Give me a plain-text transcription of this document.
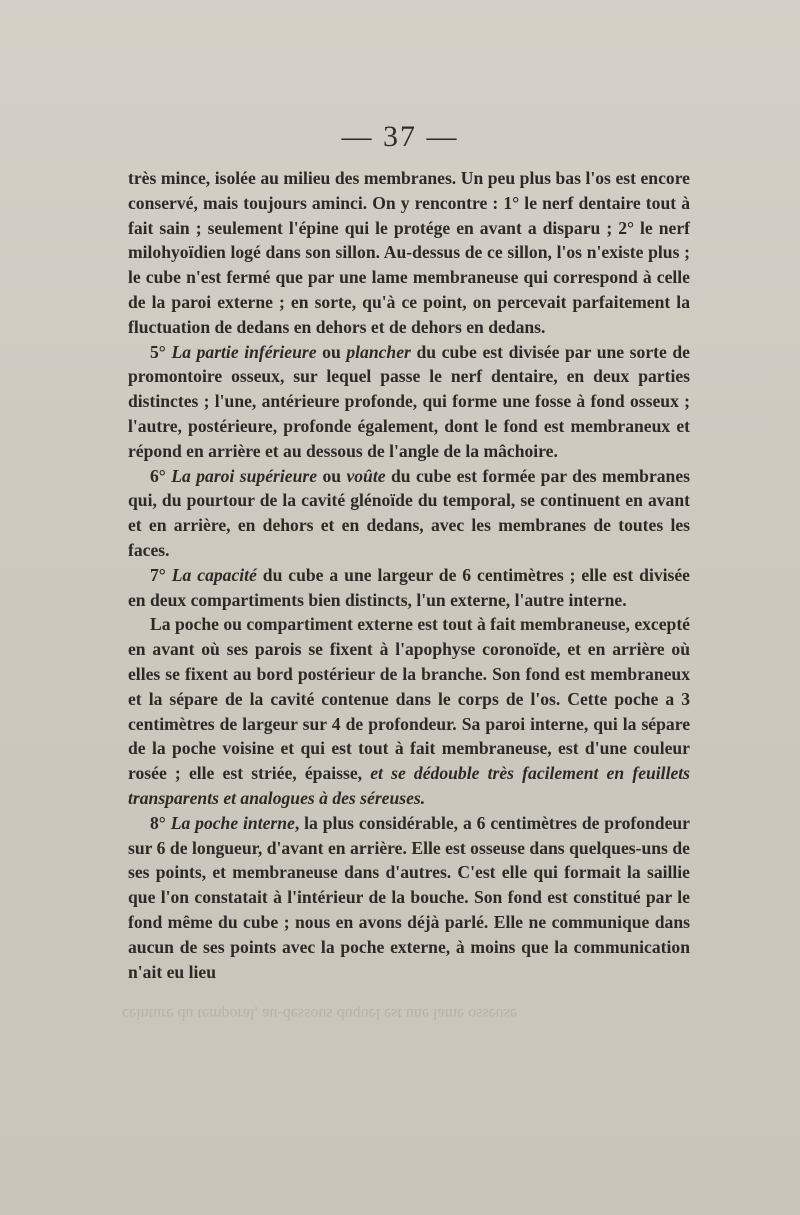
— 37 —

très mince, isolée au milieu des membranes. Un peu plus bas l'os est encore conservé, mais toujours aminci. On y rencontre : 1° le nerf dentaire tout à fait sain ; seulement l'épine qui le protége en avant a disparu ; 2° le nerf milohyoïdien logé dans son sillon. Au-dessus de ce sillon, l'os n'existe plus ; le cube n'est fermé que par une lame membraneuse qui correspond à celle de la paroi externe ; en sorte, qu'à ce point, on percevait parfaitement la fluctuation de dedans en dehors et de dehors en dedans.

5° La partie inférieure ou plancher du cube est divisée par une sorte de promontoire osseux, sur lequel passe le nerf dentaire, en deux parties distinctes ; l'une, antérieure profonde, qui forme une fosse à fond osseux ; l'autre, postérieure, profonde également, dont le fond est membraneux et répond en arrière et au dessous de l'angle de la mâchoire.

6° La paroi supérieure ou voûte du cube est formée par des membranes qui, du pourtour de la cavité glénoïde du temporal, se continuent en avant et en arrière, en dehors et en dedans, avec les membranes de toutes les faces.

7° La capacité du cube a une largeur de 6 centimètres ; elle est divisée en deux compartiments bien distincts, l'un externe, l'autre interne.

La poche ou compartiment externe est tout à fait membraneuse, excepté en avant où ses parois se fixent à l'apophyse coronoïde, et en arrière où elles se fixent au bord postérieur de la branche. Son fond est membraneux et la sépare de la cavité contenue dans le corps de l'os. Cette poche a 3 centimètres de largeur sur 4 de profondeur. Sa paroi interne, qui la sépare de la poche voisine et qui est tout à fait membraneuse, est d'une couleur rosée ; elle est striée, épaisse, et se dédouble très facilement en feuillets transparents et analogues à des séreuses.

8° La poche interne, la plus considérable, a 6 centimètres de profondeur sur 6 de longueur, d'avant en arrière. Elle est osseuse dans quelques-uns de ses points, et membraneuse dans d'autres. C'est elle qui formait la saillie que l'on constatait à l'intérieur de la bouche. Son fond est constitué par le fond même du cube ; nous en avons déjà parlé. Elle ne communique dans aucun de ses points avec la poche externe, à moins que la communication n'ait eu lieu

ceinture du temporal, au-dessous duquel est une lame osseuse
